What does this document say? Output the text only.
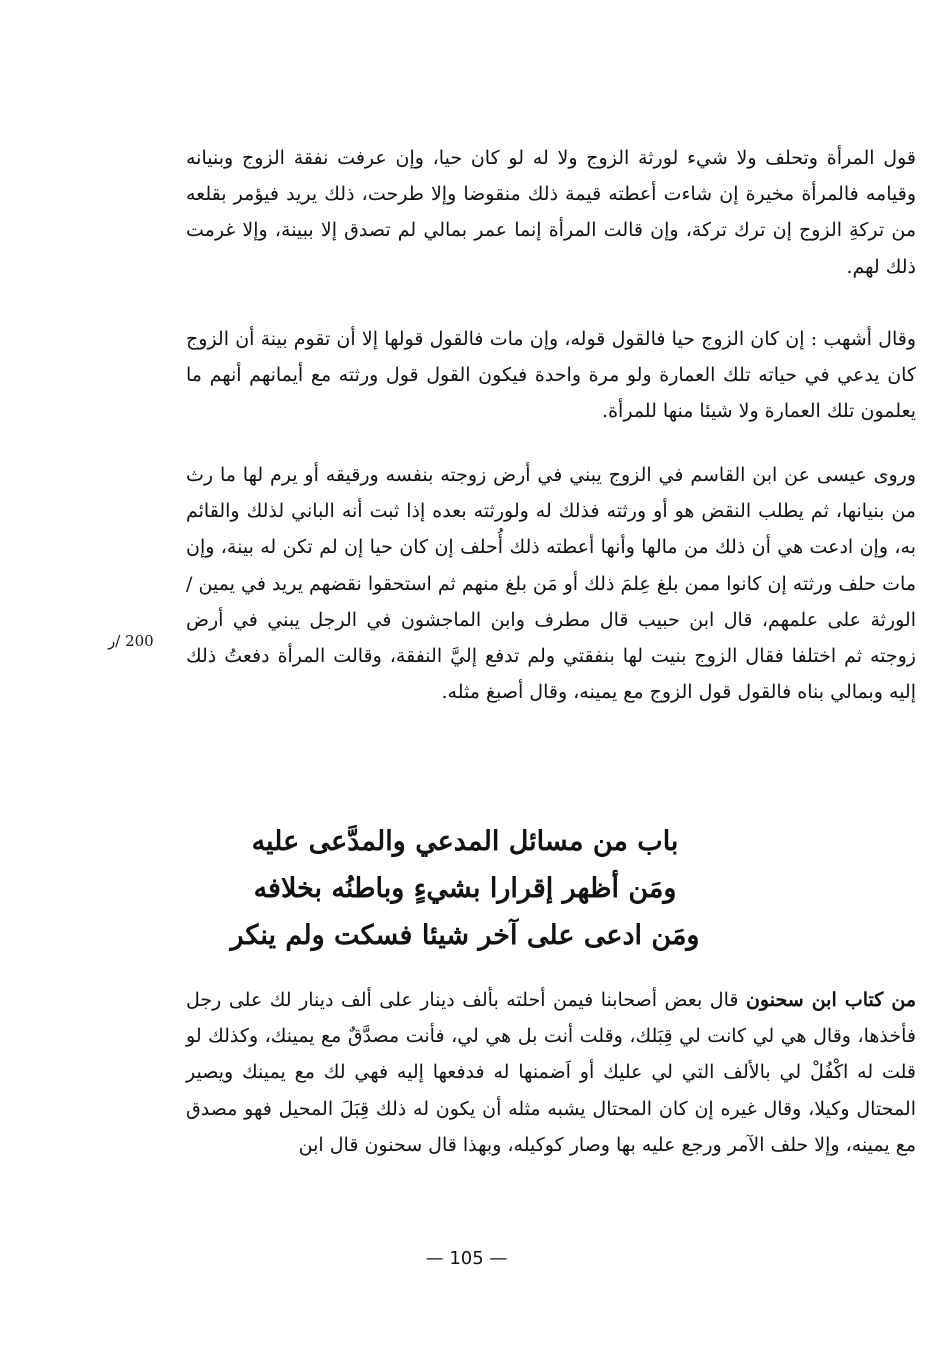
قول المرأة وتحلف ولا شيء لورثة الزوج ولا له لو كان حيا، وإن عرفت نفقة الزوج وبنيانه وقيامه فالمرأة مخيرة إن شاءت أعطته قيمة ذلك منقوضا وإلا طرحت، ذلك يريد فيؤمر بقلعه من تركةِ الزوج إن ترك تركة، وإن قالت المرأة إنما عمر بمالي لم تصدق إلا ببينة، وإلا غرمت ذلك لهم.

وقال أشهب : إن كان الزوج حيا فالقول قوله، وإن مات فالقول قولها إلا أن تقوم بينة أن الزوج كان يدعي في حياته تلك العمارة ولو مرة واحدة فيكون القول قول ورثته مع أيمانهم أنهم ما يعلمون تلك العمارة ولا شيئا منها للمرأة.

وروى عيسى عن ابن القاسم في الزوج يبني في أرض زوجته بنفسه ورقيقه أو يرم لها ما رث من بنيانها، ثم يطلب النقض هو أو ورثته فذلك له ولورثته بعده إذا ثبت أنه الباني لذلك والقائم به، وإن ادعت هي أن ذلك من مالها وأنها أعطته ذلك أُحلف إن كان حيا إن لم تكن له بينة، وإن مات حلف ورثته إن كانوا ممن بلغ عِلمَ ذلك أو مَن بلغ منهم ثم استحقوا نقضهم يريد في يمين / الورثة على علمهم، قال ابن حبيب قال مطرف وابن الماجشون في الرجل يبني في أرض زوجته ثم اختلفا فقال الزوج بنيت لها بنفقتي ولم تدفع إليَّ النفقة، وقالت المرأة دفعتُ ذلك إليه وبمالي بناه فالقول قول الزوج مع يمينه، وقال أصبغ مثله.

200 /ر
باب من مسائل المدعي والمدَّعى عليه
ومَن أظهر إقرارا بشيءٍ وباطنُه بخلافه
ومَن ادعى على آخر شيئا فسكت ولم ينكر

من كتاب ابن سحنون قال بعض أصحابنا فيمن أحلته بألف دينار على ألف دينار لك على رجل فأخذها، وقال هي لي كانت لي قِبَلك، وقلت أنت بل هي لي، فأنت مصدَّقٌ مع يمينك، وكذلك لو قلت له اكْفُلْ لي بالألف التي لي عليك أو اَضمنها له فدفعها إليه فهي لك مع يمينك ويصير المحتال وكيلا، وقال غيره إن كان المحتال يشبه مثله أن يكون له ذلك قِبَلَ المحيل فهو مصدق مع يمينه، وإلا حلف الآمر ورجع عليه بها وصار كوكيله، وبهذا قال سحنون قال ابن

— 105 —
